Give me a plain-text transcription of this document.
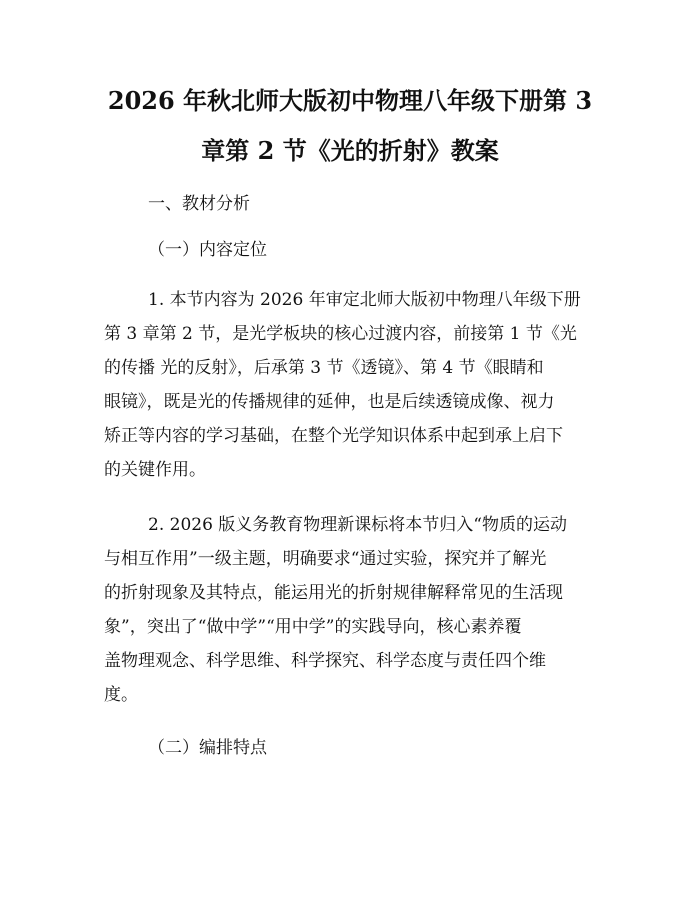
2026 年秋北师大版初中物理八年级下册第 3
章第 2 节《光的折射》教案

一、教材分析

（一）内容定位

1. 本节内容为 2026 年审定北师大版初中物理八年级下册
第 3 章第 2 节，是光学板块的核心过渡内容，前接第 1 节《光
的传播 光的反射》，后承第 3 节《透镜》、第 4 节《眼睛和
眼镜》，既是光的传播规律的延伸，也是后续透镜成像、视力
矫正等内容的学习基础，在整个光学知识体系中起到承上启下
的关键作用。
2. 2026 版义务教育物理新课标将本节归入“物质的运动
与相互作用”一级主题，明确要求“通过实验，探究并了解光
的折射现象及其特点，能运用光的折射规律解释常见的生活现
象”，突出了“做中学”“用中学”的实践导向，核心素养覆
盖物理观念、科学思维、科学探究、科学态度与责任四个维
度。

（二）编排特点
